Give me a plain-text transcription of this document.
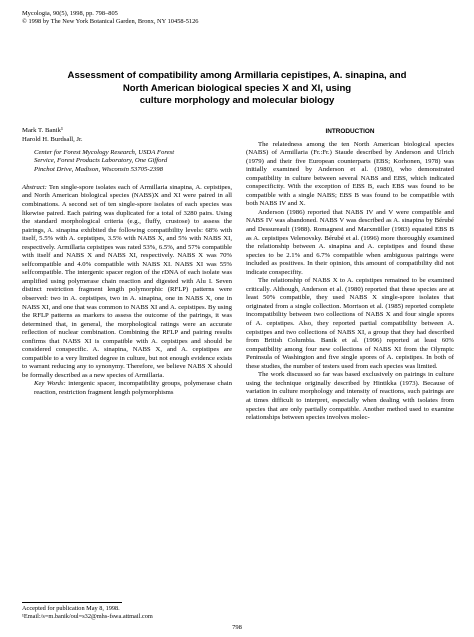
Mycologia, 90(5), 1998, pp. 798–805
© 1998 by The New York Botanical Garden, Bronx, NY 10458-5126
Assessment of compatibility among Armillaria cepistipes, A. sinapina, and
North American biological species X and XI, using
culture morphology and molecular biology
Mark T. Banik¹
Harold H. Burdsall, Jr.
Center for Forest Mycology Research, USDA Forest
Service, Forest Products Laboratory, One Gifford
Pinchot Drive, Madison, Wisconsin 53705-2398
Abstract: Ten single-spore isolates each of Armillaria sinapina, A. cepistipes, and North American biological species (NABS)X and XI were paired in all combinations. A second set of ten single-spore isolates of each species was likewise paired. Each pairing was duplicated for a total of 3280 pairs. Using the standard morphological criteria (e.g., fluffy, crustose) to assess the pairings, A. sinapina exhibited the following compatibility levels: 68% with itself, 5.5% with A. cepistipes, 3.5% with NABS X, and 5% with NABS XI, respectively. Armillaria cepistipes was rated 53%, 6.5%, and 57% compatible with itself and NABS X and NABS XI, respectively. NABS X was 70% selfcompatible and 4.0% compatible with NABS XI. NABS XI was 55% selfcompatible. The intergenic spacer region of the rDNA of each isolate was amplified using polymerase chain reaction and digested with Alu I. Seven distinct restriction fragment length polymorphic (RFLP) patterns were observed: two in A. cepistipes, two in A. sinapina, one in NABS X, one in NABS XI, and one that was common to NABS XI and A. cepistipes. By using the RFLP patterns as markers to assess the outcome of the pairings, it was determined that, in general, the morphological ratings were an accurate reflection of nuclear combination. Combining the RFLP and pairing results confirms that NABS XI is compatible with A. cepistipes and should be considered conspecific. A. sinapina, NABS X, and A. cepistipes are compatible to a very limited degree in culture, but not enough evidence exists to warrant reducing any to synonymy. Therefore, we believe NABS X should be formally described as a new species of Armillaria.
Key Words: intergenic spacer, incompatibility groups, polymerase chain reaction, restriction fragment length polymorphisms
INTRODUCTION

The relatedness among the ten North American biological species (NABS) of Armillaria (Fr.:Fr.) Staude described by Anderson and Ulrich (1979) and their five European counterparts (EBS; Korhonen, 1978) was initially examined by Anderson et al. (1980), who demonstrated compatibility in culture between several NABS and EBS, which indicated conspecificity. With the exception of EBS B, each EBS was found to be compatible with a single NABS; EBS B was found to be compatible with both NABS IV and X.

Anderson (1986) reported that NABS IV and V were compatible and NABS IV was abandoned. NABS V was described as A. sinapina by Bérubé and Dessureault (1988). Romagnesi and Marxmüller (1983) equated EBS B as A. cepistipes Velenovsky. Bérubé et al. (1996) more thoroughly examined the relationship between A. sinapina and A. cepistipes and found these species to be 2.1% and 6.7% compatible when ambiguous pairings were included as positives. In their opinion, this amount of compatibility did not indicate conspecifity.

The relationship of NABS X to A. cepistipes remained to be examined critically. Although, Anderson et al. (1980) reported that these species are at least 50% compatible, they used NABS X single-spore isolates that originated from a single collection. Morrison et al. (1985) reported complete incompatibility between two collections of NABS X and four single spores of A. cepistipes. Also, they reported partial compatibility between A. cepistipes and two collections of NABS XI, a group that they had described from British Columbia. Banik et al. (1996) reported at least 60% compatibility among four new collections of NABS XI from the Olympic Peninsula of Washington and five single spores of A. cepistipes. In both of these studies, the number of testers used from each species was limited.

The work discussed so far was based exclusively on pairings in culture using the technique originally described by Hintikka (1973). Because of variation in culture morphology and intensity of reactions, such pairings are at times difficult to interpret, especially when dealing with isolates from species that are only partially compatible. Another method used to examine relationships between species involves molec-

Accepted for publication May 8, 1998.
¹Email:/s=m.banik/oul=s32@mhs-fswa.attmail.com
798
